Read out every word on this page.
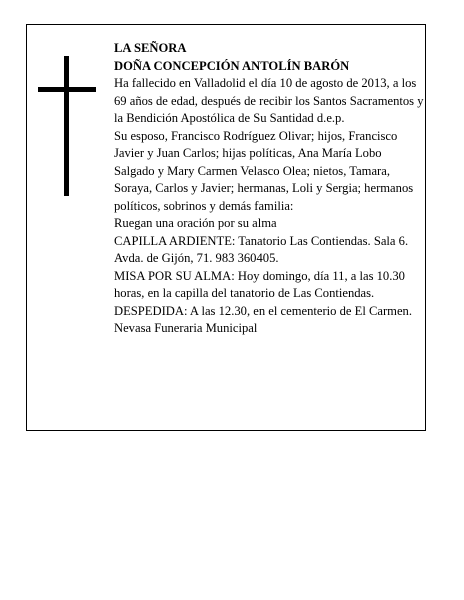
LA SEÑORA

DOÑA CONCEPCIÓN ANTOLÍN BARÓN

Ha fallecido en Valladolid el día 10 de agosto de 2013, a los 69 años de edad, después de recibir los Santos Sacramentos y la Bendición Apostólica de Su Santidad d.e.p.

Su esposo, Francisco Rodríguez Olivar; hijos, Francisco Javier y Juan Carlos; hijas políticas, Ana María Lobo Salgado y Mary Carmen Velasco Olea; nietos, Tamara, Soraya, Carlos y Javier; hermanas, Loli y Sergia; hermanos políticos, sobrinos y demás familia:

Ruegan una oración por su alma

CAPILLA ARDIENTE: Tanatorio Las Contiendas. Sala 6. Avda. de Gijón, 71. 983 360405.

MISA POR SU ALMA: Hoy domingo, día 11, a las 10.30 horas, en la capilla del tanatorio de Las Contiendas.

DESPEDIDA: A las 12.30, en el cementerio de El Carmen.

Nevasa Funeraria Municipal
